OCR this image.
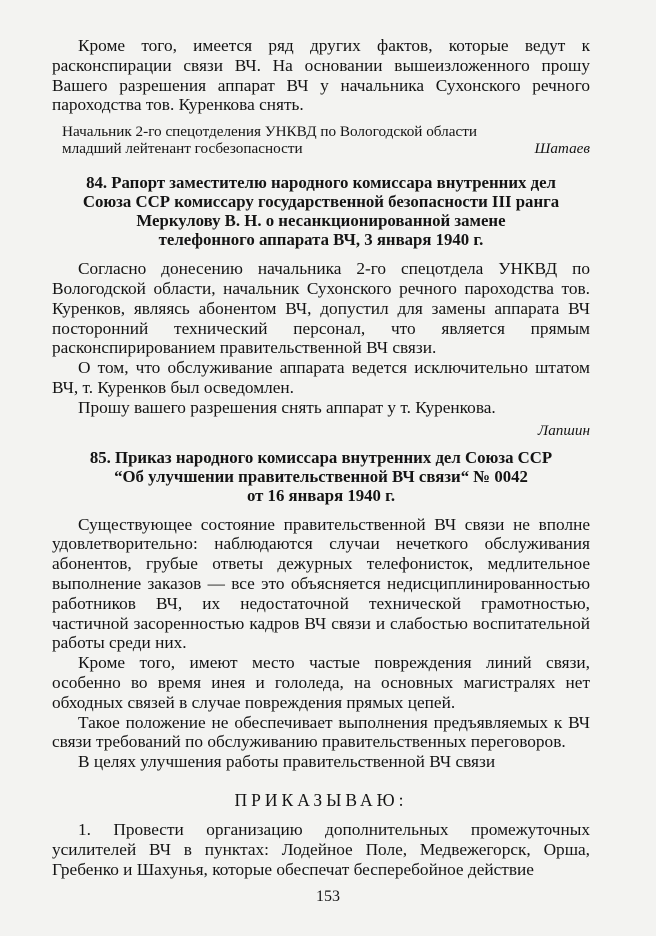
Кроме того, имеется ряд других фактов, которые ведут к расконспирации связи ВЧ. На основании вышеизложенного прошу Вашего разрешения аппарат ВЧ у начальника Сухонского речного пароходства тов. Куренкова снять.

Начальник 2-го спецотделения УНКВД по Вологодской области
младший лейтенант госбезопасности	Шатаев
84. Рапорт заместителю народного комиссара внутренних дел
Союза ССР комиссару государственной безопасности III ранга
Меркулову В. Н. о несанкционированной замене
телефонного аппарата ВЧ, 3 января 1940 г.

Согласно донесению начальника 2-го спецотдела УНКВД по Вологодской области, начальник Сухонского речного пароходства тов. Куренков, являясь абонентом ВЧ, допустил для замены аппарата ВЧ посторонний технический персонал, что является прямым расконспирированием правительственной ВЧ связи.

О том, что обслуживание аппарата ведется исключительно штатом ВЧ, т. Куренков был осведомлен.

Прошу вашего разрешения снять аппарат у т. Куренкова.

Лапшин
85. Приказ народного комиссара внутренних дел Союза ССР
“Об улучшении правительственной ВЧ связи“ № 0042
от 16 января 1940 г.

Существующее состояние правительственной ВЧ связи не вполне удовлетворительно: наблюдаются случаи нечеткого обслуживания абонентов, грубые ответы дежурных телефонисток, медлительное выполнение заказов — все это объясняется недисциплинированностью работников ВЧ, их недостаточной технической грамотностью, частичной засоренностью кадров ВЧ связи и слабостью воспитательной работы среди них.

Кроме того, имеют место частые повреждения линий связи, особенно во время инея и гололеда, на основных магистралях нет обходных связей в случае повреждения прямых цепей.

Такое положение не обеспечивает выполнения предъявляемых к ВЧ связи требований по обслуживанию правительственных переговоров.

В целях улучшения работы правительственной ВЧ связи

ПРИКАЗЫВАЮ:

1. Провести организацию дополнительных промежуточных усилителей ВЧ в пунктах: Лодейное Поле, Медвежегорск, Орша, Гребенко и Шахунья, которые обеспечат бесперебойное действие

153
